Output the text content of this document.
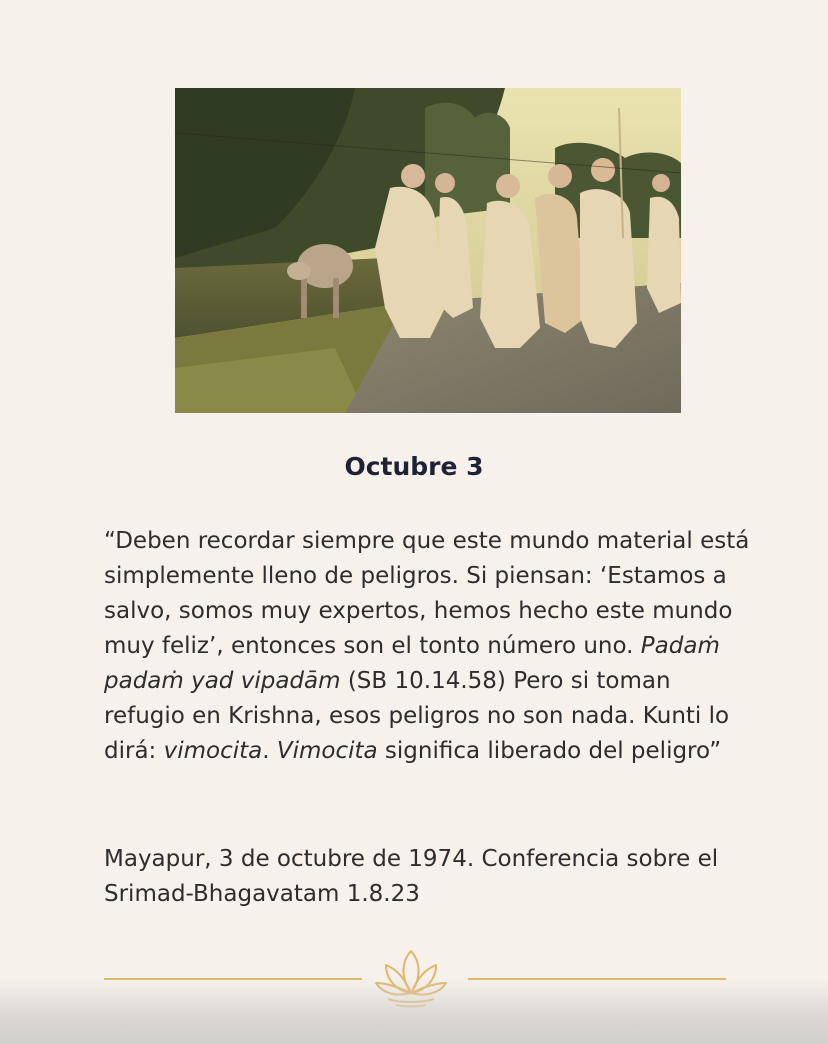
Octubre 3

“Deben recordar siempre que este mundo material está simplemente lleno de peligros. Si piensan: ‘Estamos a salvo, somos muy expertos, hemos hecho este mundo muy feliz’, entonces son el tonto número uno. Padaṁ padaṁ yad vipadām (SB 10.14.58) Pero si toman refugio en Krishna, esos peligros no son nada. Kunti lo dirá: vimocita. Vimocita significa liberado del peligro”

Mayapur, 3 de octubre de 1974. Conferencia sobre el Srimad-Bhagavatam 1.8.23
